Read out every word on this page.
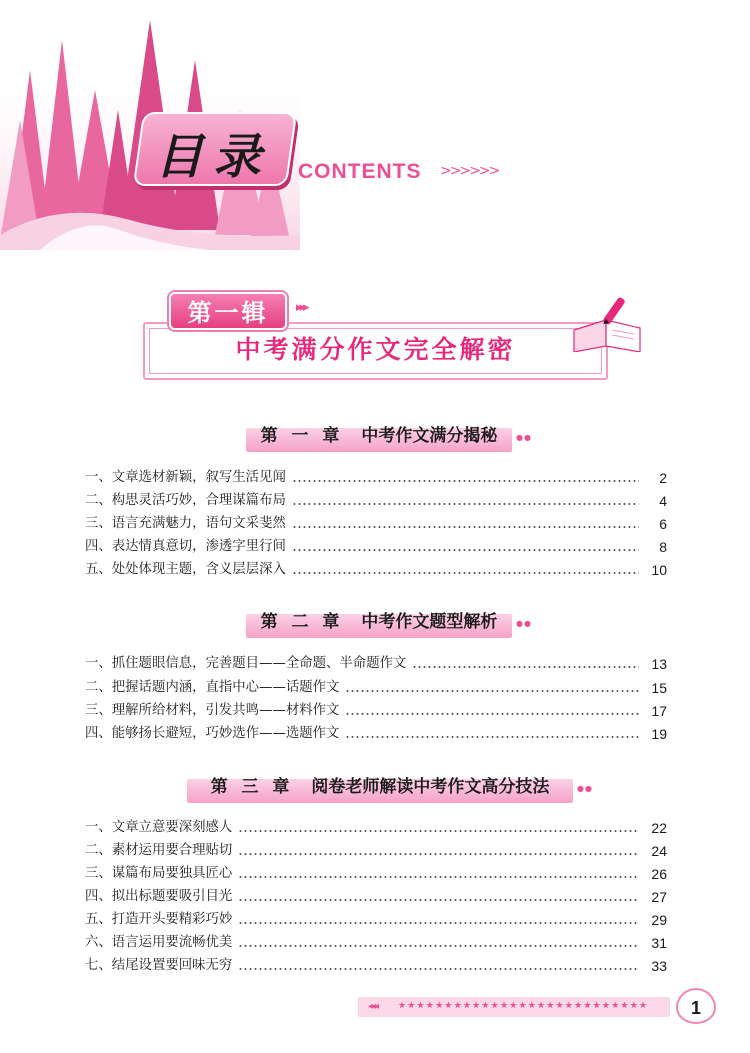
目录	CONTENTS >>>>>>
第一辑	▸▸▸
中考满分作文完全解密
第 一 章 中考作文满分揭秘 ●●
一、文章选材新颖，叙写生活见闻	2
二、构思灵活巧妙，合理谋篇布局	4
三、语言充满魅力，语句文采斐然	6
四、表达情真意切，渗透字里行间	8
五、处处体现主题，含义层层深入	10
第 二 章 中考作文题型解析 ●●
一、抓住题眼信息，完善题目——全命题、半命题作文	13
二、把握话题内涵，直指中心——话题作文	15
三、理解所给材料，引发共鸣——材料作文	17
四、能够扬长避短，巧妙选作——选题作文	19
第 三 章 阅卷老师解读中考作文高分技法	●●
一、文章立意要深刻感人	22
二、素材运用要合理贴切	24
三、谋篇布局要独具匠心	26
四、拟出标题要吸引目光	27
五、打造开头要精彩巧妙	29
六、语言运用要流畅优美	31
七、结尾设置要回味无穷	33
◂◂◂ ★★★★★★★★★★★★★★★★★★★★★★★★★★★	1
